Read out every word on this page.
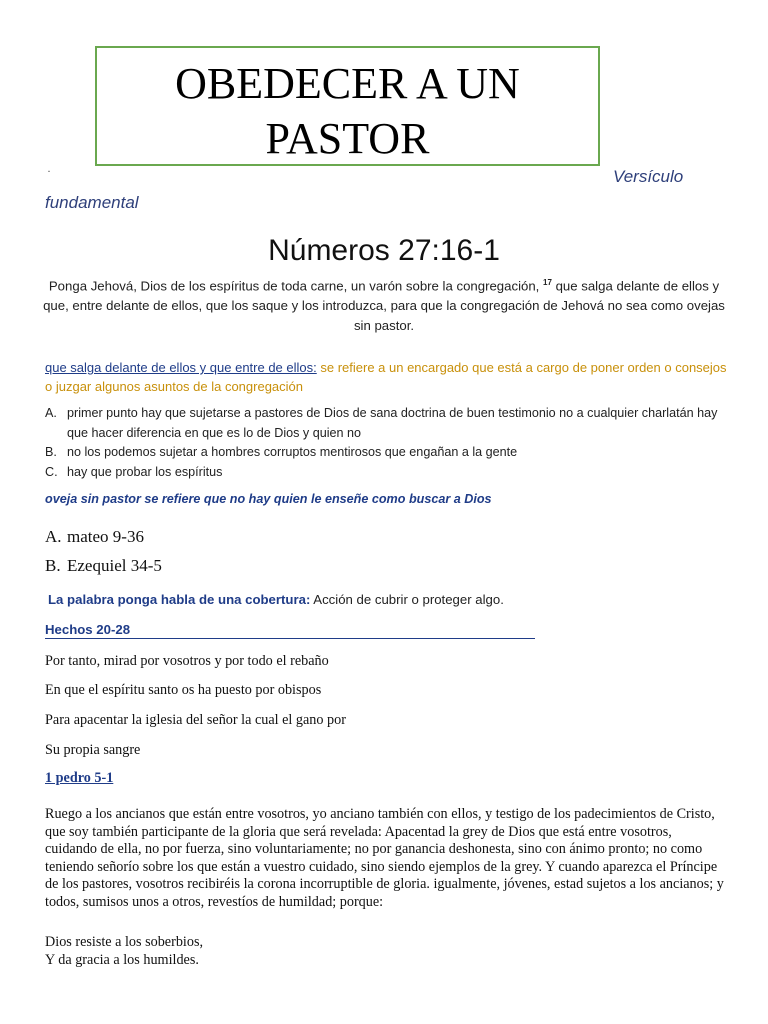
OBEDECER A UN
PASTOR
·	Versículo
fundamental
Números 27:16-1
Ponga Jehová, Dios de los espíritus de toda carne, un varón sobre la congregación, $^{17}$ que salga delante de ellos y que, entre delante de ellos, que los saque y los introduzca, para que la congregación de Jehová no sea como ovejas sin pastor.
que salga delante de ellos y que entre de ellos: se refiere a un encargado que está a cargo de poner orden o consejos o juzgar algunos asuntos de la congregación
A. primer punto hay que sujetarse a pastores de Dios de sana doctrina de buen testimonio no a cualquier charlatán hay que hacer diferencia en que es lo de Dios y quien no
B. no los podemos sujetar a hombres corruptos mentirosos que engañan a la gente
C. hay que probar los espíritus
oveja sin pastor se refiere que no hay quien le enseñe como buscar a Dios
A. mateo 9-36
B. Ezequiel 34-5
La palabra ponga habla de una cobertura: Acción de cubrir o proteger algo.
Hechos 20-28
Por tanto, mirad por vosotros y por todo el rebaño
En que el espíritu santo os ha puesto por obispos
Para apacentar la iglesia del señor la cual el gano por
Su propia sangre
1 pedro 5-1
Ruego a los ancianos que están entre vosotros, yo anciano también con ellos, y testigo de los padecimientos de Cristo, que soy también participante de la gloria que será revelada: Apacentad la grey de Dios que está entre vosotros, cuidando de ella, no por fuerza, sino voluntariamente; no por ganancia deshonesta, sino con ánimo pronto; no como teniendo señorío sobre los que están a vuestro cuidado, sino siendo ejemplos de la grey. Y cuando aparezca el Príncipe de los pastores, vosotros recibiréis la corona incorruptible de gloria. igualmente, jóvenes, estad sujetos a los ancianos; y todos, sumisos unos a otros, revestíos de humildad; porque:
Dios resiste a los soberbios,
Y da gracia a los humildes.
